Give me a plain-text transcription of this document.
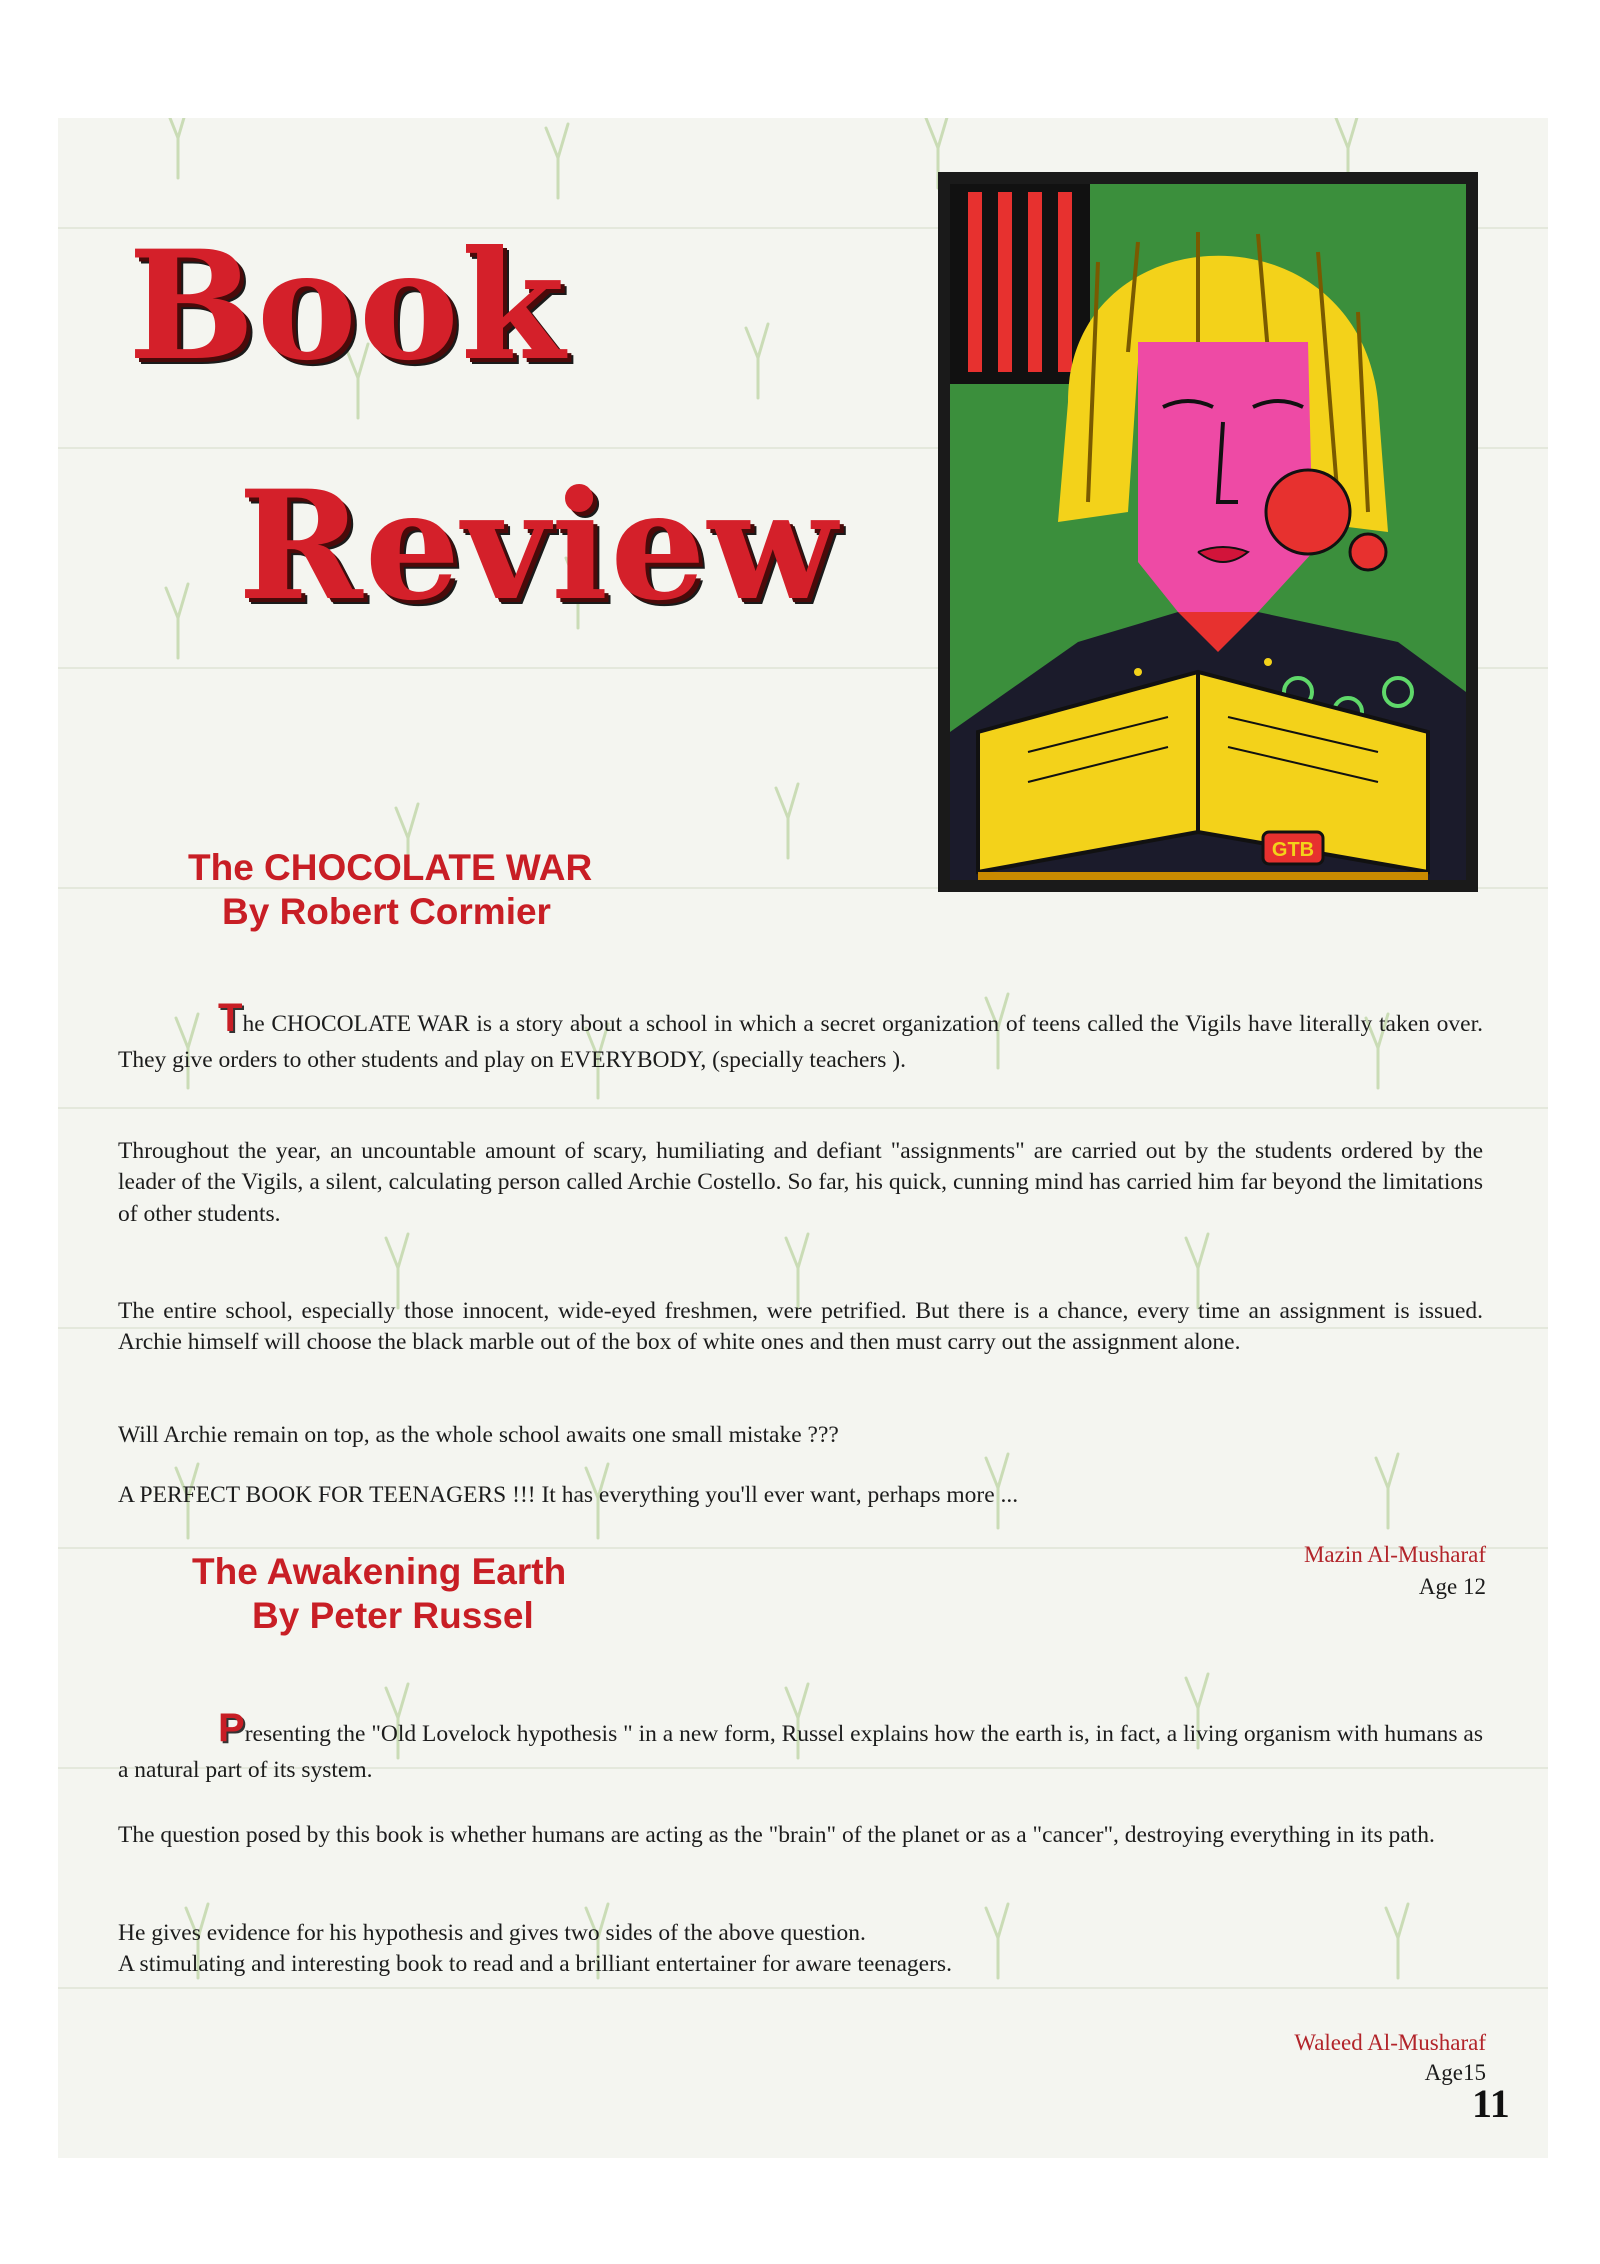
Book
Review
GTB
The CHOCOLATE WAR
By Robert Cormier

The CHOCOLATE WAR is a story about a school in which a secret organization of teens called the Vigils have literally taken over. They give orders to other students and play on EVERYBODY, (specially teachers ).

Throughout the year, an uncountable amount of scary, humiliating and defiant "assignments" are carried out by the students ordered by the leader of the Vigils, a silent, calculating person called Archie Costello. So far, his quick, cunning mind has carried him far beyond the limitations of other students.

The entire school, especially those innocent, wide-eyed freshmen, were petrified. But there is a chance, every time an assignment is issued. Archie himself will choose the black marble out of the box of white ones and then must carry out the assignment alone.

Will Archie remain on top, as the whole school awaits one small mistake ???

A PERFECT BOOK FOR TEENAGERS !!! It has everything you'll ever want, perhaps more ...

Mazin Al-Musharaf
Age 12
The Awakening Earth
By Peter Russel

Presenting the "Old Lovelock hypothesis " in a new form, Russel explains how the earth is, in fact, a living organism with humans as a natural part of its system.

The question posed by this book is whether humans are acting as the "brain" of the planet or as a "cancer", destroying everything in its path.

He gives evidence for his hypothesis and gives two sides of the above question.

A stimulating and interesting book to read and a brilliant entertainer for aware teenagers.

Waleed Al-Musharaf
Age15
11
